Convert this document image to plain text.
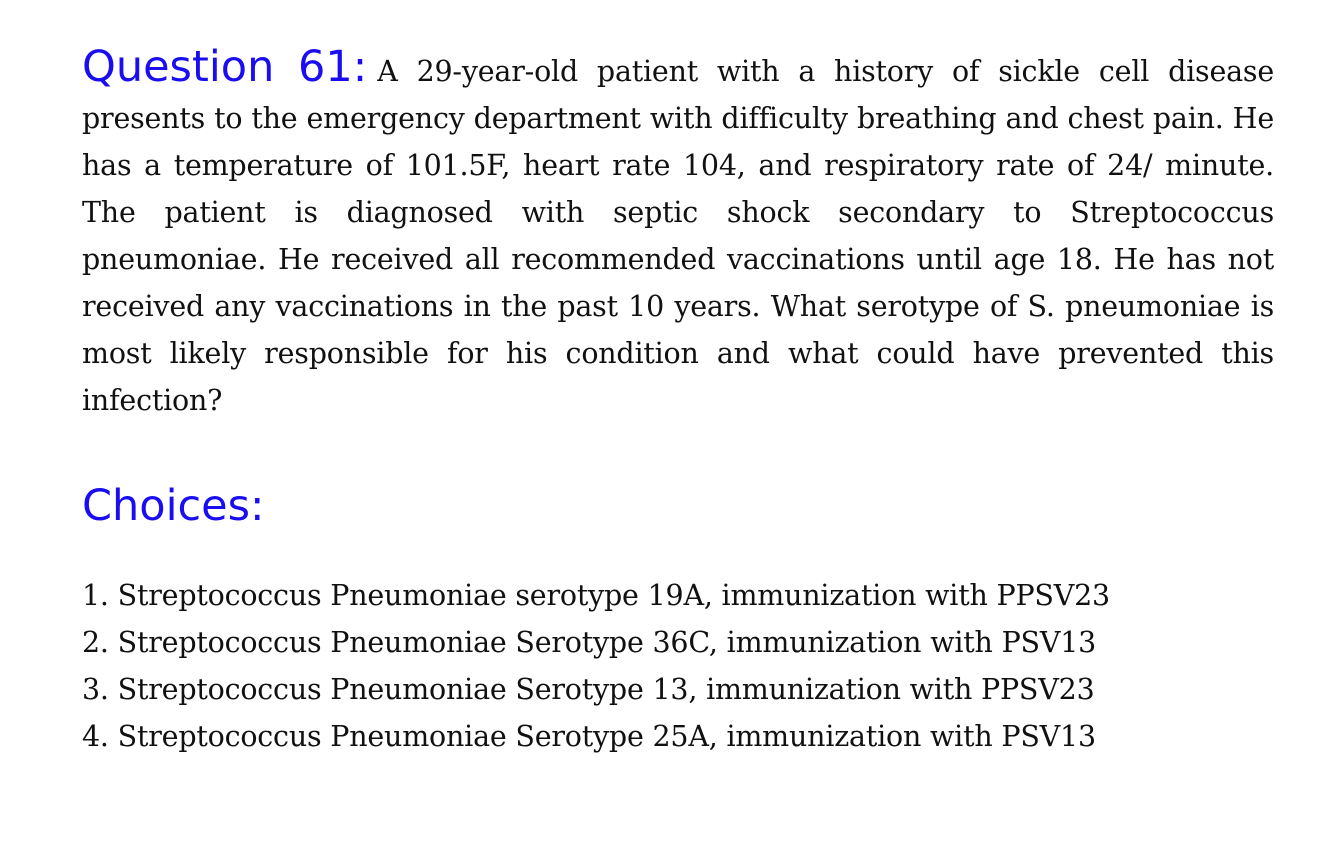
Question 61: A 29-year-old patient with a history of sickle cell disease presents to the emergency department with difficulty breathing and chest pain. He has a temperature of 101.5F, heart rate 104, and respiratory rate of 24/ minute. The patient is diagnosed with septic shock secondary to Streptococcus pneumoniae. He received all recommended vaccinations until age 18. He has not received any vaccinations in the past 10 years. What serotype of S. pneumoniae is most likely responsible for his condition and what could have prevented this infection?

Choices:
1. Streptococcus Pneumoniae serotype 19A, immunization with PPSV23
2. Streptococcus Pneumoniae Serotype 36C, immunization with PSV13
3. Streptococcus Pneumoniae Serotype 13, immunization with PPSV23
4. Streptococcus Pneumoniae Serotype 25A, immunization with PSV13
